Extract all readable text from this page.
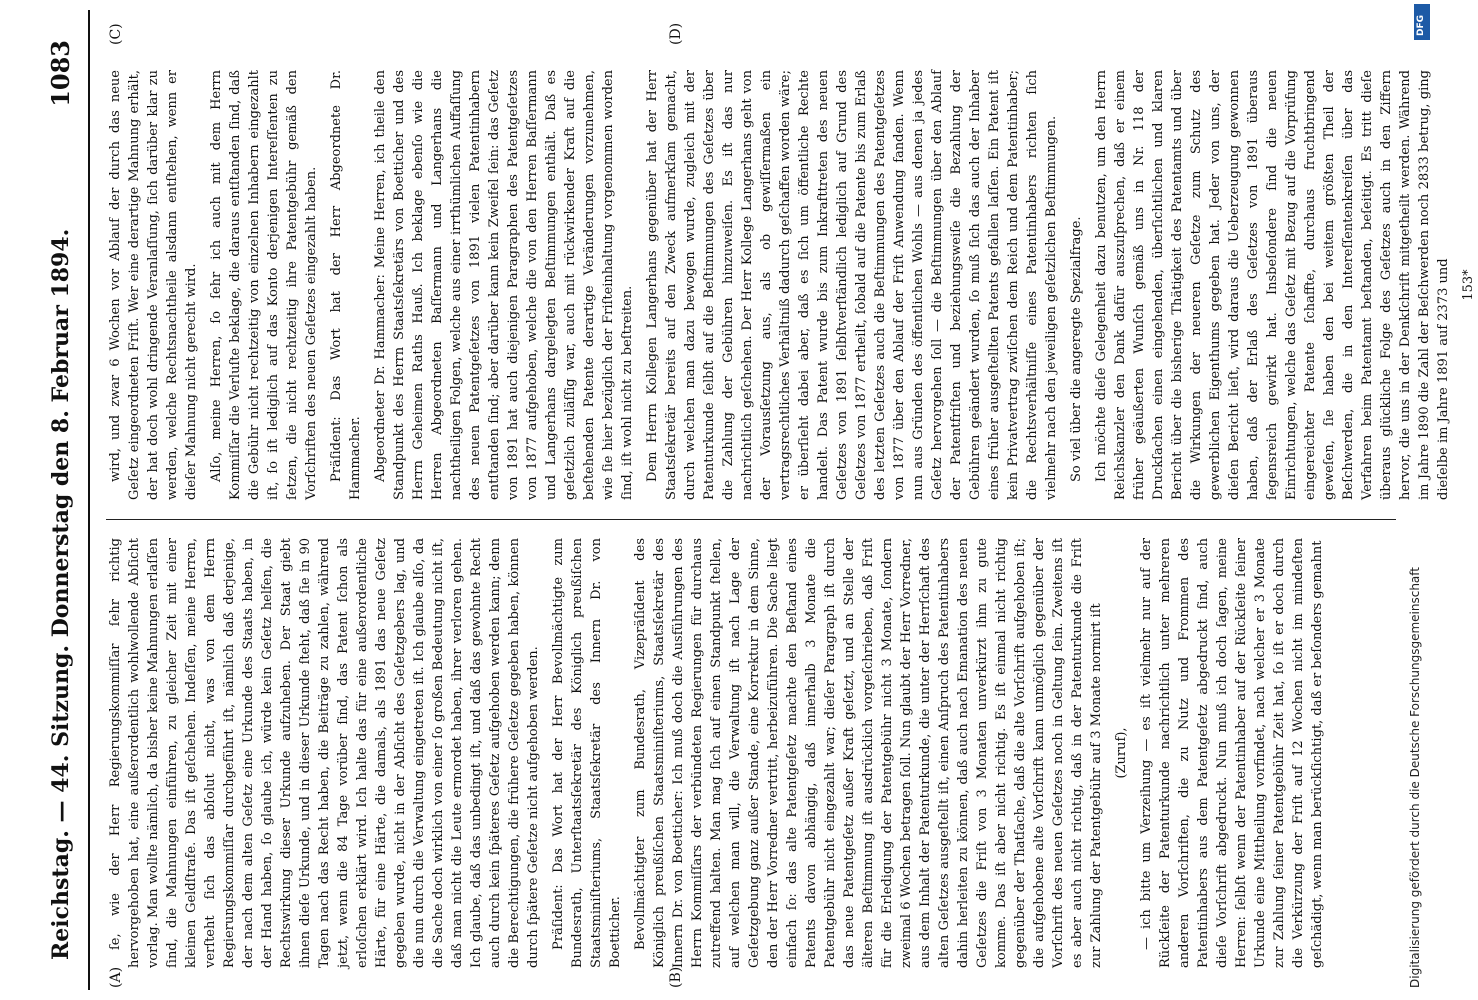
Reichstag. — 44. Sitzung. Donnerstag den 8. Februar 1894.
1083
(A)	(B)
(C)	(D)

ſe, wie der Herr Regierungskommiſſar ſehr richtig hervorgehoben hat, eine außerordentlich wohlwollende Abſicht vorlag. Man wollte nämlich, da bisher keine Mahnungen erlaſſen ſind, die Mahnungen einführen, zu gleicher Zeit mit einer kleinen Geldſtrafe. Das iſt geſchehen. Indeſſen, meine Herren, verſteht ſich das abſolut nicht, was von dem Herrn Regierungskommiſſar durchgeführt iſt, nämlich daß derjenige, der nach dem alten Geſetz eine Urkunde des Staats haben, in der Hand haben, ſo glaube ich, würde kein Geſetz helfen, die Rechtswirkung dieser Urkunde aufzuheben. Der Staat giebt ihnen dieſe Urkunde, und in dieser Urkunde ſteht, daß ſie in 90 Tagen nach das Recht haben, die Beiträge zu zahlen, während jetzt, wenn die 84 Tage vorüber ſind, das Patent ſchon als erloſchen erklärt wird. Ich halte das für eine außerordentliche Härte, für eine Härte, die damals, als 1891 das neue Geſetz gegeben wurde, nicht in der Abſicht des Geſetzgebers lag, und die nun durch die Verwaltung eingetreten iſt. Ich glaube alſo, da die Sache doch wirklich von einer ſo großen Bedeutung nicht iſt, daß man nicht die Leute ermordet haben, ihrer verloren gehen. Ich glaube, daß das unbedingt iſt, und daß das gewohnte Recht auch durch kein ſpäteres Geſetz aufgehoben werden kann; denn die Berechtigungen, die frühere Geſetze gegeben haben, können durch ſpätere Geſetze nicht aufgehoben werden. Präſident: Das Wort hat der Herr Bevollmächtigte zum Bundesrath, Unterſtaatsſekretär des Königlich preußiſchen Staatsminiſteriums, Staatsſekretär des Innern Dr. von Boetticher. Bevollmächtigter zum Bundesrath, Vizepräſident des Königlich preußiſchen Staatsminiſteriums, Staatsſekretär des Innern Dr. von Boetticher: Ich muß doch die Ausführungen des Herrn Kommiſſars der verbündeten Regierungen für durchaus zutreffend halten. Man mag ſich auf einen Standpunkt ſtellen, auf welchen man will, die Verwaltung iſt nach Lage der Geſetzgebung ganz außer Stande, eine Korrektur in dem Sinne, den der Herr Vorredner vertritt, herbeizuführen. Die Sache liegt einfach ſo: das alte Patentgeſetz machte den Beſtand eines Patents davon abhängig, daß innerhalb 3 Monate die Patentgebühr nicht eingezahlt war; dieſer Paragraph iſt durch das neue Patentgeſetz außer Kraft geſetzt, und an Stelle der älteren Beſtimmung iſt ausdrücklich vorgeſchrieben, daß Friſt für die Erledigung der Patentgebühr nicht 3 Monate, ſondern zweimal 6 Wochen betragen ſoll. Nun glaubt der Herr Vorredner, aus dem Inhalt der Patenturkunde, die unter der Herrſchaft des alten Geſetzes ausgeſtellt iſt, einen Anſpruch des Patentinhabers dahin herleiten zu können, daß auch nach Emanation des neuen Geſetzes die Friſt von 3 Monaten unverkürzt ihm zu gute komme. Das iſt aber nicht richtig. Es iſt einmal nicht richtig gegenüber der Thatſache, daß die alte Vorſchrift aufgehoben iſt; die aufgehobene alte Vorſchrift kann unmöglich gegenüber der Vorſchrift des neuen Geſetzes noch in Geltung ſein. Zweitens iſt es aber auch nicht richtig, daß in der Patenturkunde die Friſt zur Zahlung der Patentgebühr auf 3 Monate normirt iſt (Zuruf), — ich bitte um Verzeihung — es iſt vielmehr nur auf der Rückſeite der Patenturkunde nachrichtlich unter mehreren anderen Vorſchriften, die zu Nutz und Frommen des Patentinhabers aus dem Patentgeſetz abgedruckt ſind, auch dieſe Vorſchrift abgedruckt. Nun muß ich doch ſagen, meine Herren: ſelbſt wenn der Patentinhaber auf der Rückſeite ſeiner Urkunde eine Mittheilung vorfindet, nach welcher er 3 Monate zur Zahlung ſeiner Patentgebühr Zeit hat, ſo iſt er doch durch die Verkürzung der Friſt auf 12 Wochen nicht im mindeſten geſchädigt, wenn man berückſichtigt, daß er beſonders gemahnt

wird, und zwar 6 Wochen vor Ablauf der durch das neue Geſetz eingeordneten Friſt. Wer eine derartige Mahnung erhält, der hat doch wohl dringende Veranlaſſung, ſich darüber klar zu werden, welche Rechtsnachtheile alsdann entſtehen, wenn er dieſer Mahnung nicht gerecht wird. Alſo, meine Herren, ſo ſehr ich auch mit dem Herrn Kommiſſar die Verluſte beklage, die daraus entſtanden ſind, daß die Gebühr nicht rechtzeitig von einzelnen Inhabern eingezahlt iſt, ſo iſt lediglich auf das Konto derjenigen Intereſſenten zu ſetzen, die nicht rechtzeitig ihre Patentgebühr gemäß den Vorſchriften des neuen Geſetzes eingezahlt haben. Präſident: Das Wort hat der Herr Abgeordnete Dr. Hammacher. Abgeordneter Dr. Hammacher: Meine Herren, ich theile den Standpunkt des Herrn Staatsſekretärs von Boetticher und des Herrn Geheimen Raths Hauß. Ich beklage ebenſo wie die Herren Abgeordneten Baſſermann und Langerhans die nachtheiligen Folgen, welche aus einer irrthümlichen Auffaſſung des neuen Patentgeſetzes von 1891 vielen Patentinhabern entſtanden ſind; aber darüber kann kein Zweifel ſein: das Geſetz von 1891 hat auch diejenigen Paragraphen des Patentgeſetzes von 1877 aufgehoben, welche die von den Herren Baſſermann und Langerhans dargelegten Beſtimmungen enthält. Daß es geſetzlich zuläſſig war, auch mit rückwirkender Kraft auf die beſtehenden Patente derartige Veränderungen vorzunehmen, wie ſie hier bezüglich der Friſteinhaltung vorgenommen worden ſind, iſt wohl nicht zu beſtreiten. Dem Herrn Kollegen Langerhans gegenüber hat der Herr Staatsſekretär bereits auf den Zweck aufmerkſam gemacht, durch welchen man dazu bewogen wurde, zugleich mit der Patenturkunde ſelbſt auf die Beſtimmungen des Geſetzes über die Zahlung der Gebühren hinzuweiſen. Es iſt das nur nachrichtlich geſchehen. Der Herr Kollege Langerhans geht von der Vorausſetzung aus, als ob gewiſſermaßen ein vertragsrechtliches Verhältniß dadurch geſchaffen worden wäre; er überſieht dabei aber, daß es ſich um öffentliche Rechte handelt. Das Patent wurde bis zum Inkrafttreten des neuen Geſetzes von 1891 ſelbſtverſtändlich lediglich auf Grund des Geſetzes von 1877 ertheilt, ſobald auf die Patente bis zum Erlaß des letzten Geſetzes auch die Beſtimmungen des Patentgeſetzes von 1877 über den Ablauf der Friſt Anwendung fanden. Wenn nun aus Gründen des öffentlichen Wohls — aus denen ja jedes Geſetz hervorgehen ſoll — die Beſtimmungen über den Ablauf der Patentfriſten und beziehungsweiſe die Bezahlung der Gebühren geändert wurden, ſo muß ſich das auch der Inhaber eines früher ausgeſtellten Patents gefallen laſſen. Ein Patent iſt kein Privatvertrag zwiſchen dem Reich und dem Patentinhaber; die Rechtsverhältniſſe eines Patentinhabers richten ſich vielmehr nach den jeweiligen geſetzlichen Beſtimmungen. So viel über die angeregte Spezialfrage. Ich möchte dieſe Gelegenheit dazu benutzen, um den Herrn Reichskanzler den Dank dafür auszuſprechen, daß er einem früher geäußerten Wunſch gemäß uns in Nr. 118 der Druckſachen einen eingehenden, überſichtlichen und klaren Bericht über die bisherige Thätigkeit des Patentamts und über die Wirkungen der neueren Geſetze zum Schutz des gewerblichen Eigenthums gegeben hat. Jeder von uns, der dieſen Bericht lieſt, wird daraus die Ueberzeugung gewonnen haben, daß der Erlaß des Geſetzes von 1891 überaus ſegensreich gewirkt hat. Insbeſondere ſind die neuen Einrichtungen, welche das Geſetz mit Bezug auf die Vorprüfung eingereichter Patente ſchaffte, durchaus fruchtbringend geweſen, ſie haben den bei weitem größten Theil der Beſchwerden, die in den Intereſſentenkreiſen über das Verfahren beim Patentamt beſtanden, beſeitigt. Es tritt dieſe überaus glückliche Folge des Geſetzes auch in den Ziffern hervor, die uns in der Denkſchrift mitgetheilt werden. Während im Jahre 1890 die Zahl der Beſchwerden noch 2833 betrug, ging dieſelbe im Jahre 1891 auf 2373 und 153*

Digitalisierung gefördert durch die Deutsche Forschungsgemeinschaft
DFG
